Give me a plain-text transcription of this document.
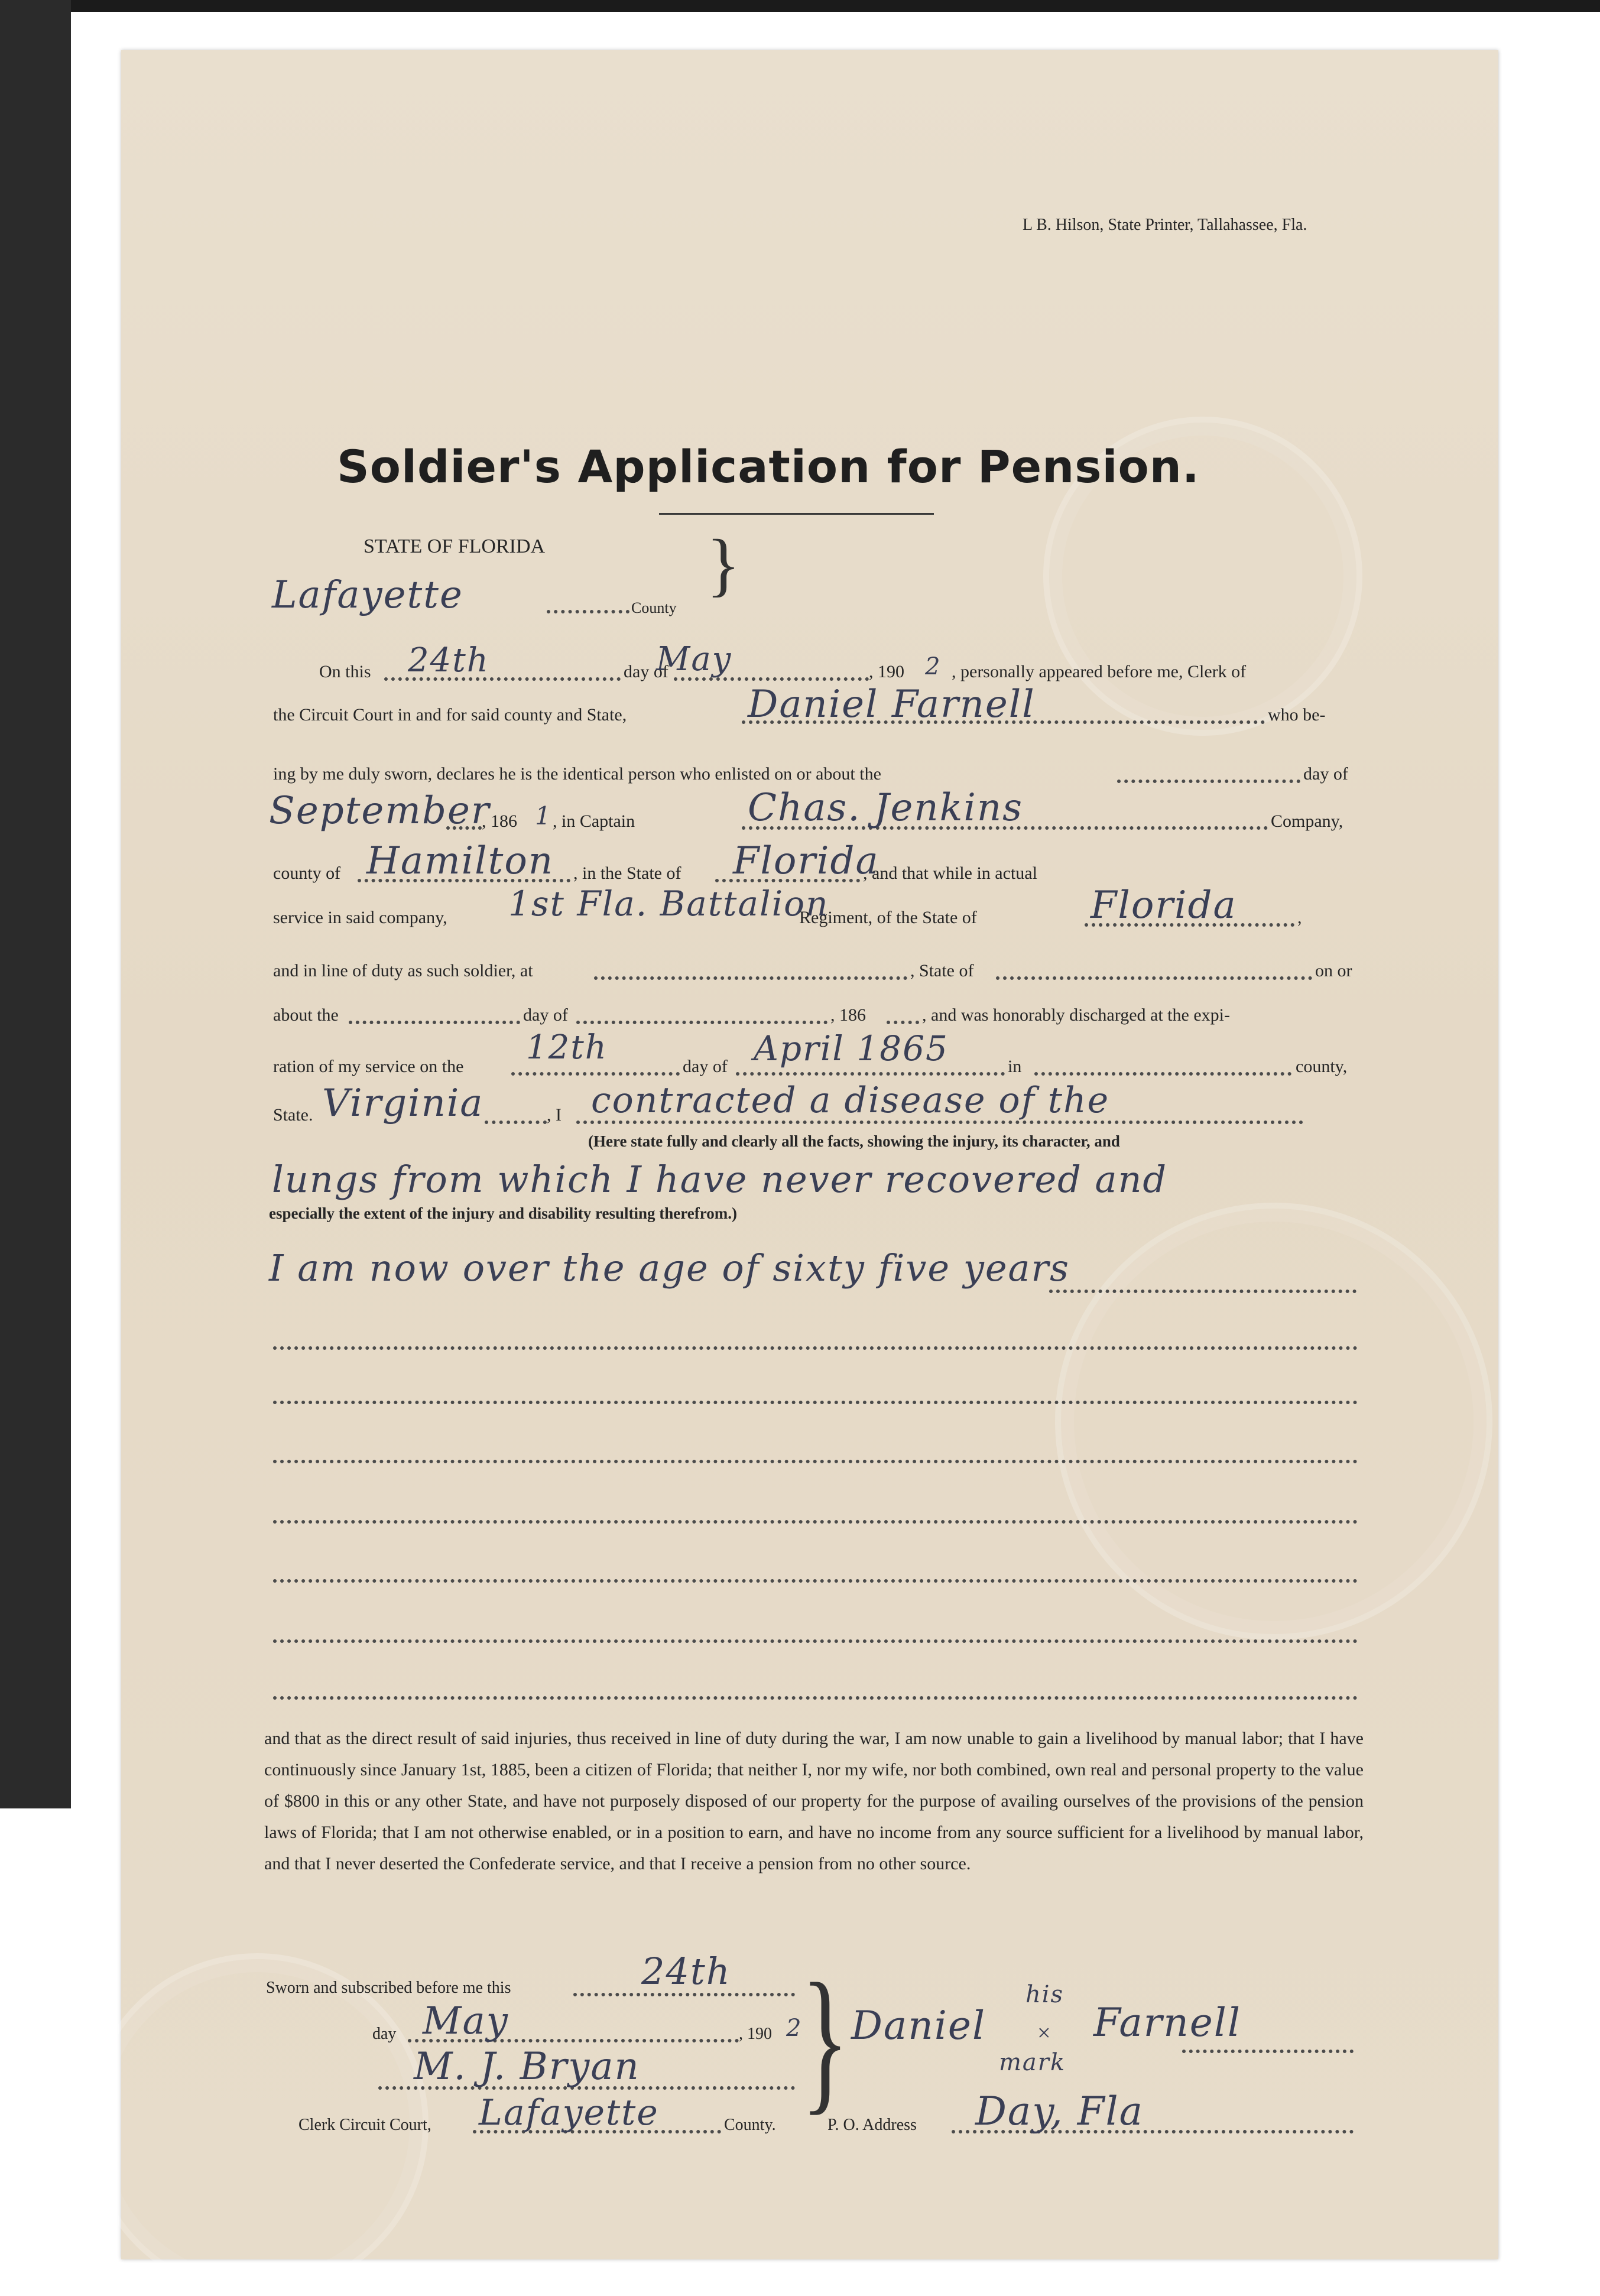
L B. Hilson, State Printer, Tallahassee, Fla.
Soldier's Application for Pension.
STATE OF FLORIDA }
Lafayette	County
On this 24th	day of
May	, 190 2 , personally appeared before me, Clerk of
the Circuit Court in and for said county and State,	Daniel Farnell	who be-
ing by me duly sworn, declares he is the identical person who enlisted on or about the	day of
September
, 186 1 , in Captain	Chas. Jenkins	Company,
county of Hamilton , in the State of Florida
, and that while in actual
service in said company, 1st Fla. Battalion
Regiment, of the State of	Florida	,
and in line of duty as such soldier, at	, State of	on or
about the	day of	, 186	, and was honorably discharged at the expi-
ration of my service on the 12th	day of April 1865	in	county,
State. Virginia	, I contracted a disease of the
(Here state fully and clearly all the facts, showing the injury, its character, and
lungs from which I have never recovered and
especially the extent of the injury and disability resulting therefrom.)
I am now over the age of sixty five years
and that as the direct result of said injuries, thus received in line of duty during the war, I am now unable to gain a livelihood by manual labor; that I have continuously since January 1st, 1885, been a citizen of Florida; that neither I, nor my wife, nor both combined, own real and personal property to the value of $800 in this or any other State, and have not purposely disposed of our property for the purpose of availing ourselves of the provisions of the pension laws of Florida; that I am not otherwise enabled, or in a position to earn, and have no income from any source sufficient for a livelihood by manual labor, and that I never deserted the Confederate service, and that I receive a pension from no other source.
Sworn and subscribed before me this	24th }
day May	, 190 2
M. J. Bryan
Clerk Circuit Court, Lafayette	County.
Daniel
his
× Farnell
mark
P. O. Address Day, Fla
